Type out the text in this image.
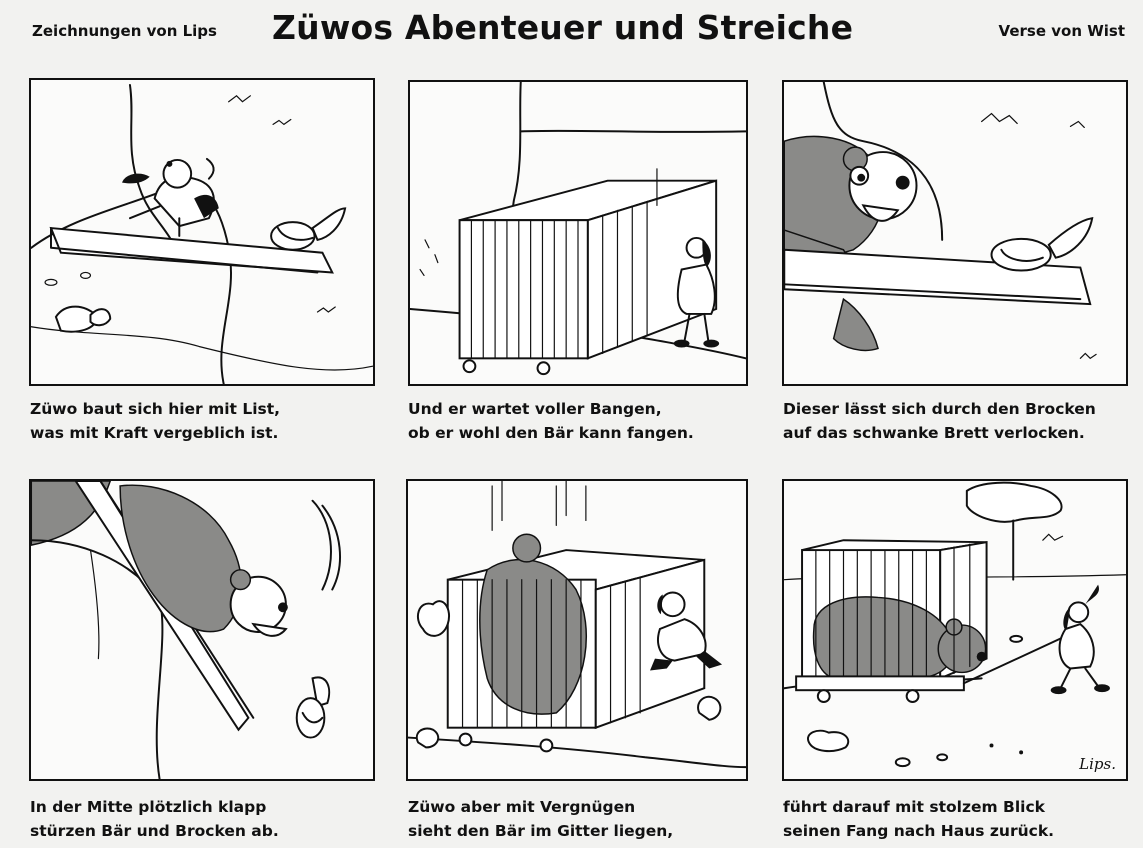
Zeichnungen von Lips Züwos Abenteuer und Streiche	Verse von Wist
Lips.
Züwo baut sich hier mit List,
was mit Kraft vergeblich ist.
Und er wartet voller Bangen,
ob er wohl den Bär kann fangen.
Dieser lässt sich durch den Brocken
auf das schwanke Brett verlocken.
In der Mitte plötzlich klapp
stürzen Bär und Brocken ab.
Züwo aber mit Vergnügen
sieht den Bär im Gitter liegen,
führt darauf mit stolzem Blick
seinen Fang nach Haus zurück.
